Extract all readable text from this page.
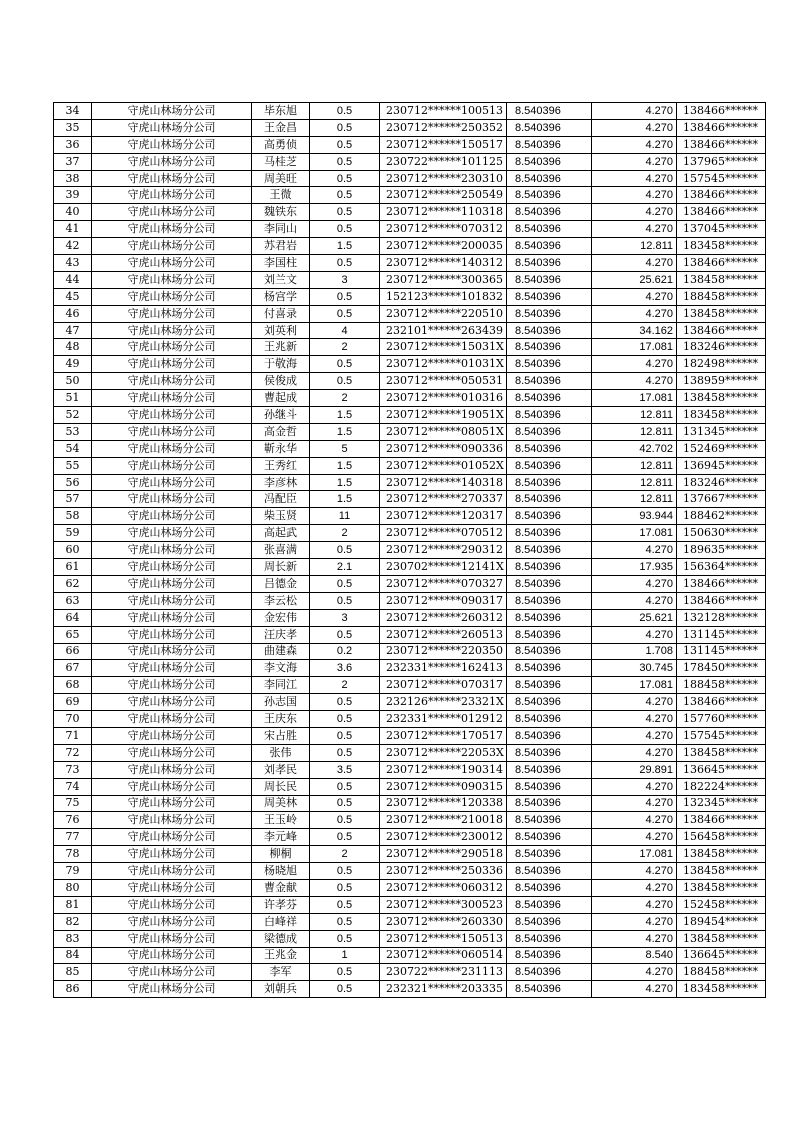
34	守虎山林场分公司	毕东旭	0.5	230712******100513	8.540396	4.270	138466******
35	守虎山林场分公司	王金昌	0.5	230712******250352	8.540396	4.270	138466******
36	守虎山林场分公司	高勇侦	0.5	230712******150517	8.540396	4.270	138466******
37	守虎山林场分公司	马桂芝	0.5	230722******101125	8.540396	4.270	137965******
38	守虎山林场分公司	周美旺	0.5	230712******230310	8.540396	4.270	157545******
39	守虎山林场分公司	王微	0.5	230712******250549	8.540396	4.270	138466******
40	守虎山林场分公司	魏铁东	0.5	230712******110318	8.540396	4.270	138466******
41	守虎山林场分公司	李同山	0.5	230712******070312	8.540396	4.270	137045******
42	守虎山林场分公司	苏君岩	1.5	230712******200035	8.540396	12.811	183458******
43	守虎山林场分公司	李国柱	0.5	230712******140312	8.540396	4.270	138466******
44	守虎山林场分公司	刘兰文	3	230712******300365	8.540396	25.621	138458******
45	守虎山林场分公司	杨宫学	0.5	152123******101832	8.540396	4.270	188458******
46	守虎山林场分公司	付喜录	0.5	230712******220510	8.540396	4.270	138458******
47	守虎山林场分公司	刘英利	4	232101******263439	8.540396	34.162	138466******
48	守虎山林场分公司	王兆新	2	230712******15031X	8.540396	17.081	183246******
49	守虎山林场分公司	于敬海	0.5	230712******01031X	8.540396	4.270	182498******
50	守虎山林场分公司	侯俊成	0.5	230712******050531	8.540396	4.270	138959******
51	守虎山林场分公司	曹起成	2	230712******010316	8.540396	17.081	138458******
52	守虎山林场分公司	孙继斗	1.5	230712******19051X	8.540396	12.811	183458******
53	守虎山林场分公司	高金哲	1.5	230712******08051X	8.540396	12.811	131345******
54	守虎山林场分公司	靳永华	5	230712******090336	8.540396	42.702	152469******
55	守虎山林场分公司	王秀红	1.5	230712******01052X	8.540396	12.811	136945******
56	守虎山林场分公司	李彦林	1.5	230712******140318	8.540396	12.811	183246******
57	守虎山林场分公司	冯配臣	1.5	230712******270337	8.540396	12.811	137667******
58	守虎山林场分公司	柴玉贤	11	230712******120317	8.540396	93.944	188462******
59	守虎山林场分公司	高起武	2	230712******070512	8.540396	17.081	150630******
60	守虎山林场分公司	张喜满	0.5	230712******290312	8.540396	4.270	189635******
61	守虎山林场分公司	周长新	2.1	230702******12141X	8.540396	17.935	156364******
62	守虎山林场分公司	吕德金	0.5	230712******070327	8.540396	4.270	138466******
63	守虎山林场分公司	李云松	0.5	230712******090317	8.540396	4.270	138466******
64	守虎山林场分公司	金宏伟	3	230712******260312	8.540396	25.621	132128******
65	守虎山林场分公司	汪庆孝	0.5	230712******260513	8.540396	4.270	131145******
66	守虎山林场分公司	曲建森	0.2	230712******220350	8.540396	1.708	131145******
67	守虎山林场分公司	李文海	3.6	232331******162413	8.540396	30.745	178450******
68	守虎山林场分公司	李同江	2	230712******070317	8.540396	17.081	188458******
69	守虎山林场分公司	孙志国	0.5	232126******23321X	8.540396	4.270	138466******
70	守虎山林场分公司	王庆东	0.5	232331******012912	8.540396	4.270	157760******
71	守虎山林场分公司	宋占胜	0.5	230712******170517	8.540396	4.270	157545******
72	守虎山林场分公司	张伟	0.5	230712******22053X	8.540396	4.270	138458******
73	守虎山林场分公司	刘孝民	3.5	230712******190314	8.540396	29.891	136645******
74	守虎山林场分公司	周长民	0.5	230712******090315	8.540396	4.270	182224******
75	守虎山林场分公司	周美林	0.5	230712******120338	8.540396	4.270	132345******
76	守虎山林场分公司	王玉岭	0.5	230712******210018	8.540396	4.270	138466******
77	守虎山林场分公司	李元峰	0.5	230712******230012	8.540396	4.270	156458******
78	守虎山林场分公司	柳桐	2	230712******290518	8.540396	17.081	138458******
79	守虎山林场分公司	杨晓旭	0.5	230712******250336	8.540396	4.270	138458******
80	守虎山林场分公司	曹金献	0.5	230712******060312	8.540396	4.270	138458******
81	守虎山林场分公司	许孝芬	0.5	230712******300523	8.540396	4.270	152458******
82	守虎山林场分公司	白峰祥	0.5	230712******260330	8.540396	4.270	189454******
83	守虎山林场分公司	梁德成	0.5	230712******150513	8.540396	4.270	138458******
84	守虎山林场分公司	王兆金	1	230712******060514	8.540396	8.540	136645******
85	守虎山林场分公司	李军	0.5	230722******231113	8.540396	4.270	188458******
86	守虎山林场分公司	刘朝兵	0.5	232321******203335	8.540396	4.270	183458******
